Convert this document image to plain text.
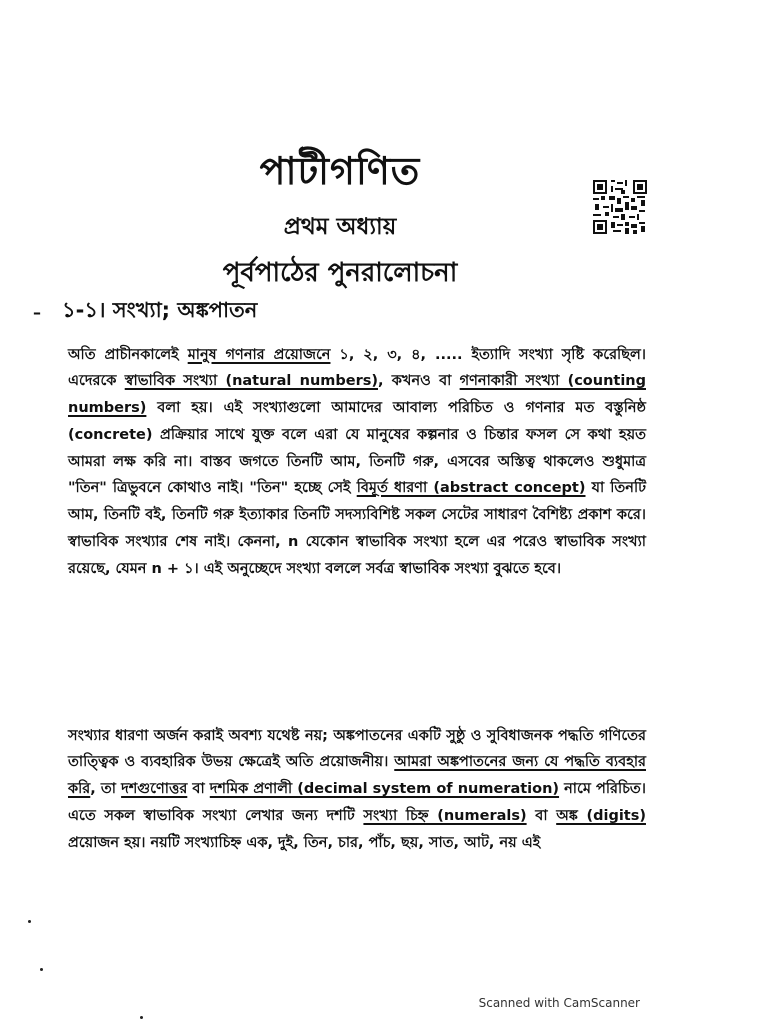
পাটীগণিত
প্রথম অধ্যায়
পূর্বপাঠের পুনরালোচনা
– ১-১। সংখ্যা; অঙ্কপাতন

অতি প্রাচীনকালেই মানুষ গণনার প্রয়োজনে ১, ২, ৩, ৪, ..... ইত্যাদি সংখ্যা সৃষ্টি করেছিল। এদেরকে স্বাভাবিক সংখ্যা (natural numbers), কখনও বা গণনাকারী সংখ্যা (counting numbers) বলা হয়। এই সংখ্যাগুলো আমাদের আবাল্য পরিচিত ও গণনার মত বস্তুনিষ্ঠ (concrete) প্রক্রিয়ার সাথে যুক্ত বলে এরা যে মানুষের কল্পনার ও চিন্তার ফসল সে কথা হয়ত আমরা লক্ষ করি না। বাস্তব জগতে তিনটি আম, তিনটি গরু, এসবের অস্তিত্ব থাকলেও শুধুমাত্র "তিন" ত্রিভুবনে কোথাও নাই। "তিন" হচ্ছে সেই বিমূর্ত ধারণা (abstract concept) যা তিনটি আম, তিনটি বই, তিনটি গরু ইত্যাকার তিনটি সদস্যবিশিষ্ট সকল সেটের সাধারণ বৈশিষ্ট্য প্রকাশ করে। স্বাভাবিক সংখ্যার শেষ নাই। কেননা, n যেকোন স্বাভাবিক সংখ্যা হলে এর পরেও স্বাভাবিক সংখ্যা রয়েছে, যেমন n + ১। এই অনুচ্ছেদে সংখ্যা বললে সর্বত্র স্বাভাবিক সংখ্যা বুঝতে হবে।

সংখ্যার ধারণা অর্জন করাই অবশ্য যথেষ্ট নয়; অঙ্কপাতনের একটি সুষ্ঠু ও সুবিধাজনক পদ্ধতি গণিতের তাত্ত্বিক ও ব্যবহারিক উভয় ক্ষেত্রেই অতি প্রয়োজনীয়। আমরা অঙ্কপাতনের জন্য যে পদ্ধতি ব্যবহার করি, তা দশগুণোত্তর বা দশমিক প্রণালী (decimal system of numeration) নামে পরিচিত। এতে সকল স্বাভাবিক সংখ্যা লেখার জন্য দশটি সংখ্যা চিহ্ন (numerals) বা অঙ্ক (digits) প্রয়োজন হয়। নয়টি সংখ্যাচিহ্ন এক, দুই, তিন, চার, পাঁচ, ছয়, সাত, আট, নয় এই

Scanned with CamScanner
